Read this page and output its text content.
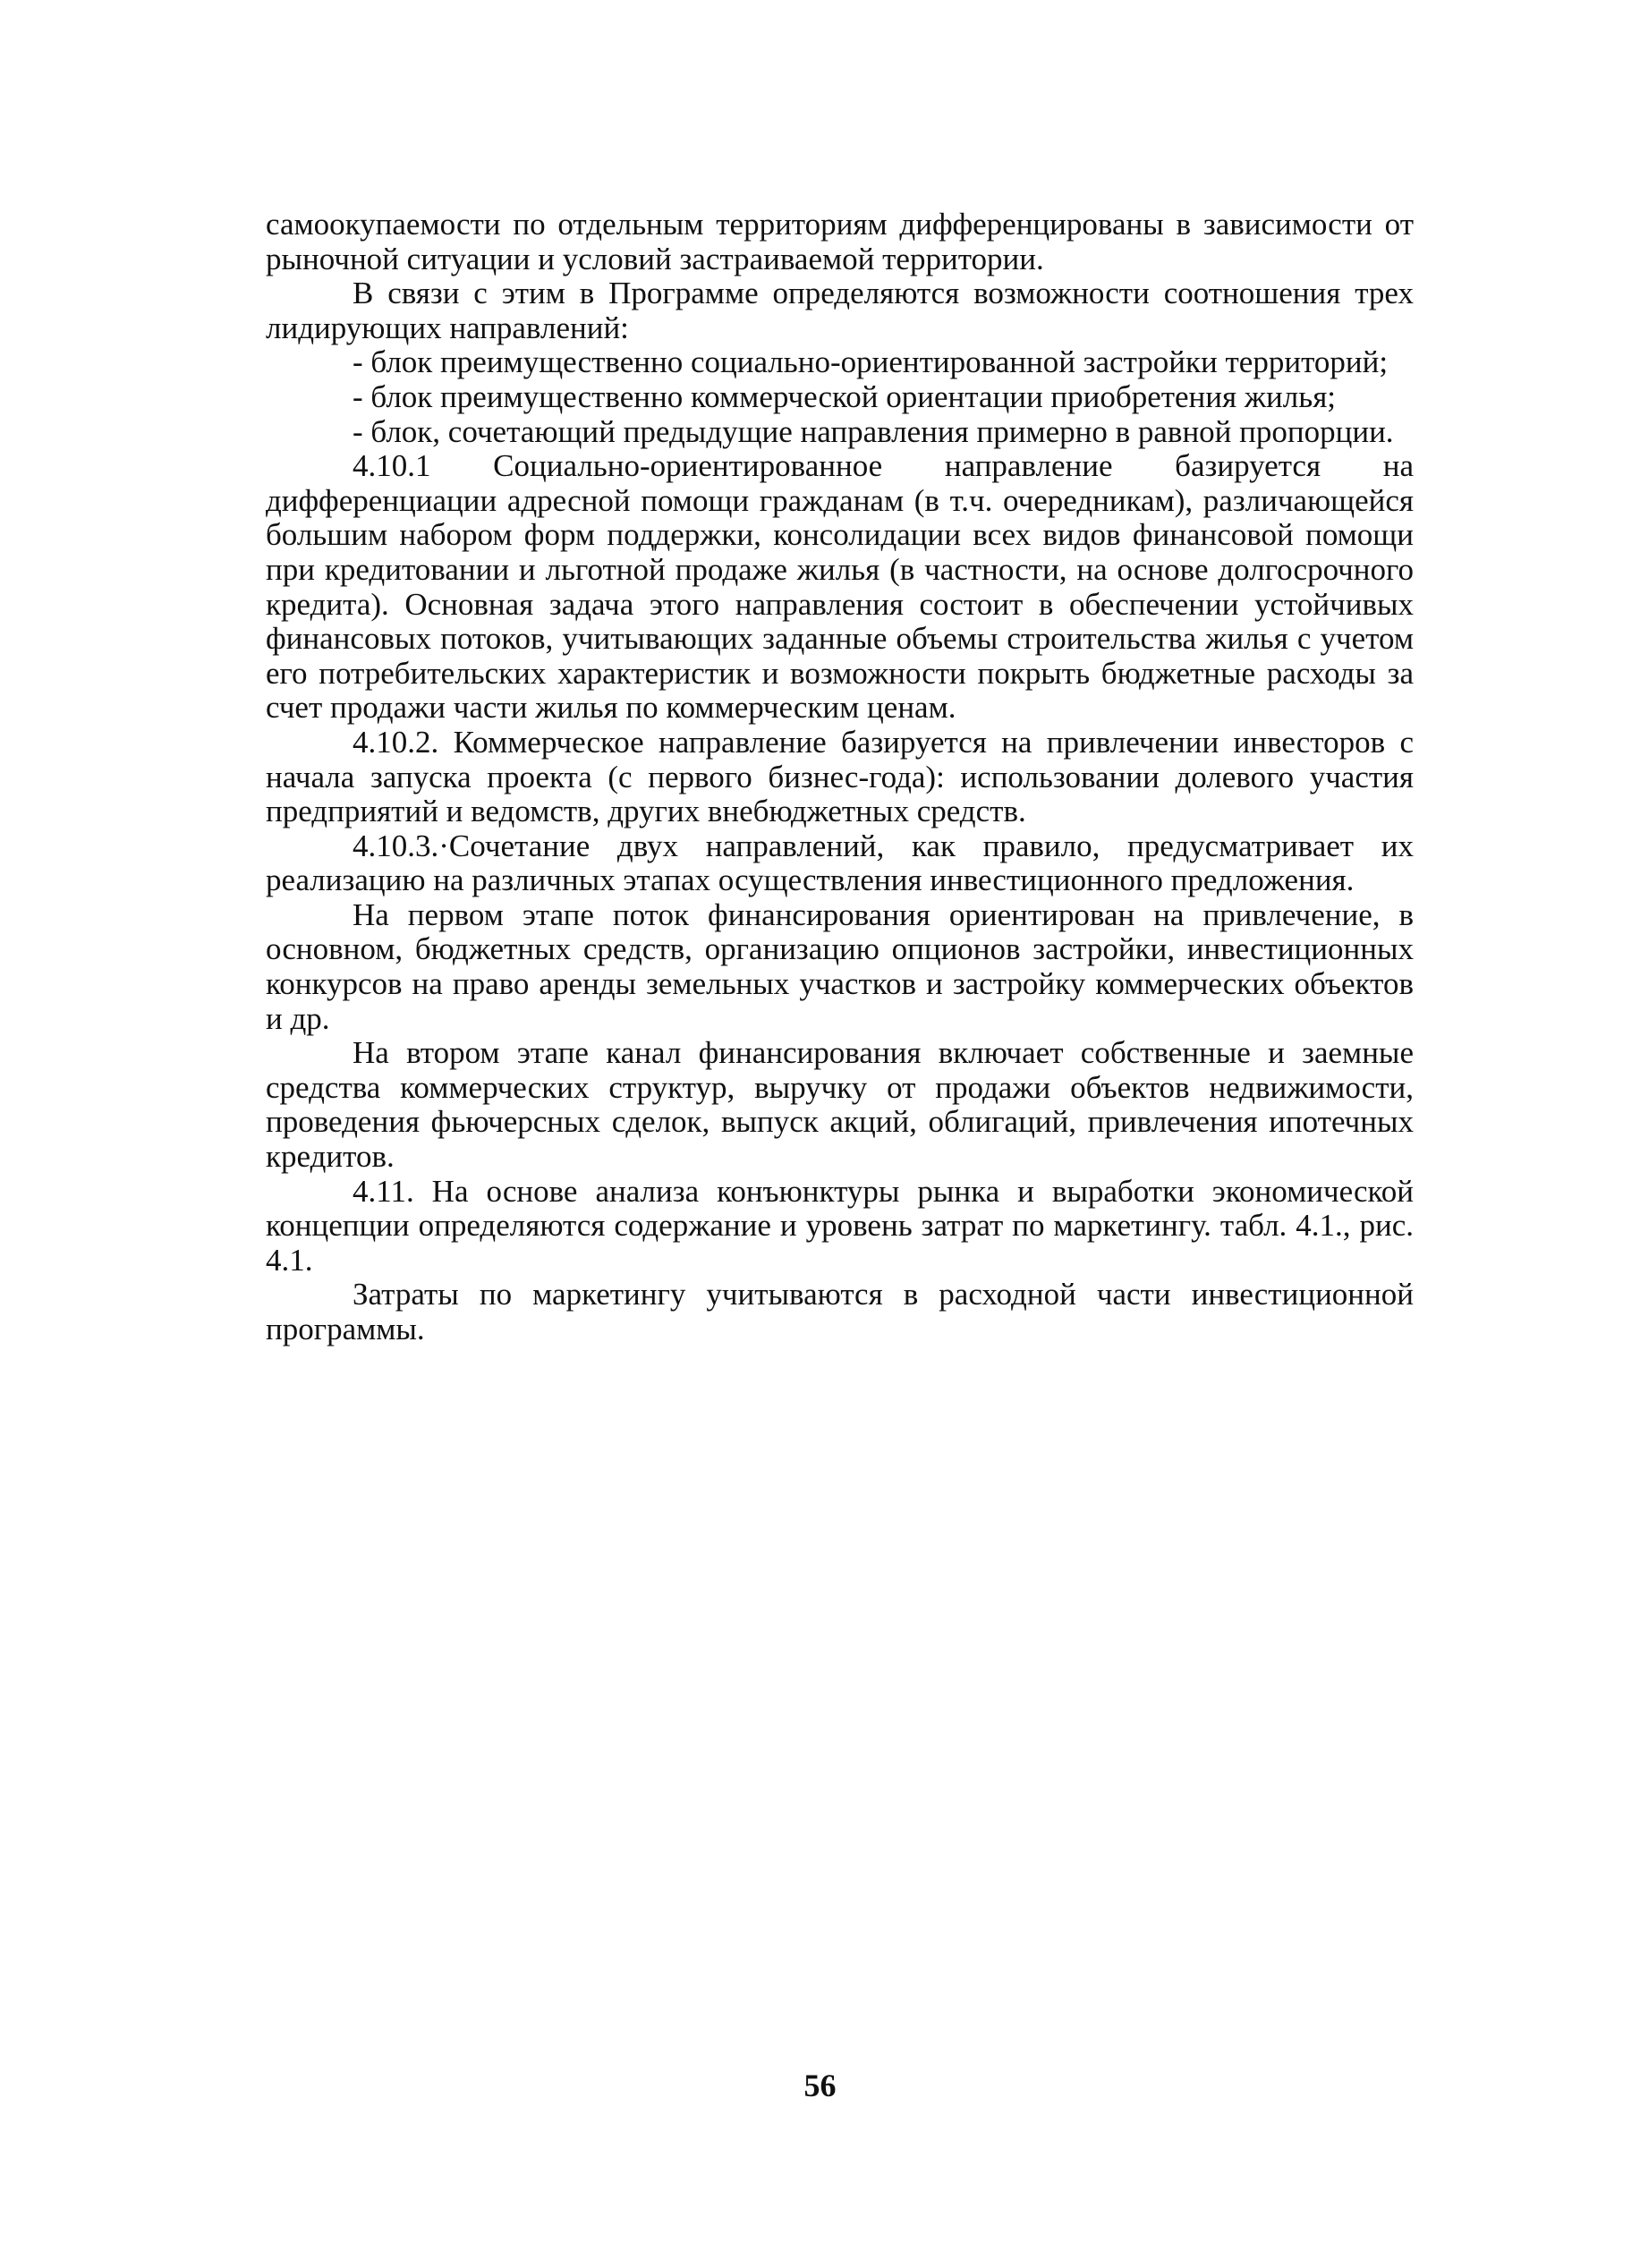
самоокупаемости по отдельным территориям дифференцированы в зависимости от рыночной ситуации и условий застраиваемой территории.

В связи с этим в Программе определяются возможности соотношения трех лидирующих направлений:

- блок преимущественно социально-ориентированной застройки территорий;

- блок преимущественно коммерческой ориентации приобретения жилья;

- блок, сочетающий предыдущие направления примерно в равной пропорции.

4.10.1 Социально-ориентированное направление базируется на дифференциации адресной помощи гражданам (в т.ч. очередникам), различающейся большим набором форм поддержки, консолидации всех видов финансовой помощи при кредитовании и льготной продаже жилья (в частности, на основе долгосрочного кредита). Основная задача этого направления состоит в обеспечении устойчивых финансовых потоков, учитывающих заданные объемы строительства жилья с учетом его потребительских характеристик и возможности покрыть бюджетные расходы за счет продажи части жилья по коммерческим ценам.

4.10.2. Коммерческое направление базируется на привлечении инвесторов с начала запуска проекта (с первого бизнес-года): использовании долевого участия предприятий и ведомств, других внебюджетных средств.

4.10.3.·Сочетание двух направлений, как правило, предусматривает их реализацию на различных этапах осуществления инвестиционного предложения.

На первом этапе поток финансирования ориентирован на привлечение, в основном, бюджетных средств, организацию опционов застройки, инвестиционных конкурсов на право аренды земельных участков и застройку коммерческих объектов и др.

На втором этапе канал финансирования включает собственные и заемные средства коммерческих структур, выручку от продажи объектов недвижимости, проведения фьючерсных сделок, выпуск акций, облигаций, привлечения ипотечных кредитов.

4.11. На основе анализа конъюнктуры рынка и выработки экономической концепции определяются содержание и уровень затрат по маркетингу. табл. 4.1., рис. 4.1.

Затраты по маркетингу учитываются в расходной части инвестиционной программы.

56
